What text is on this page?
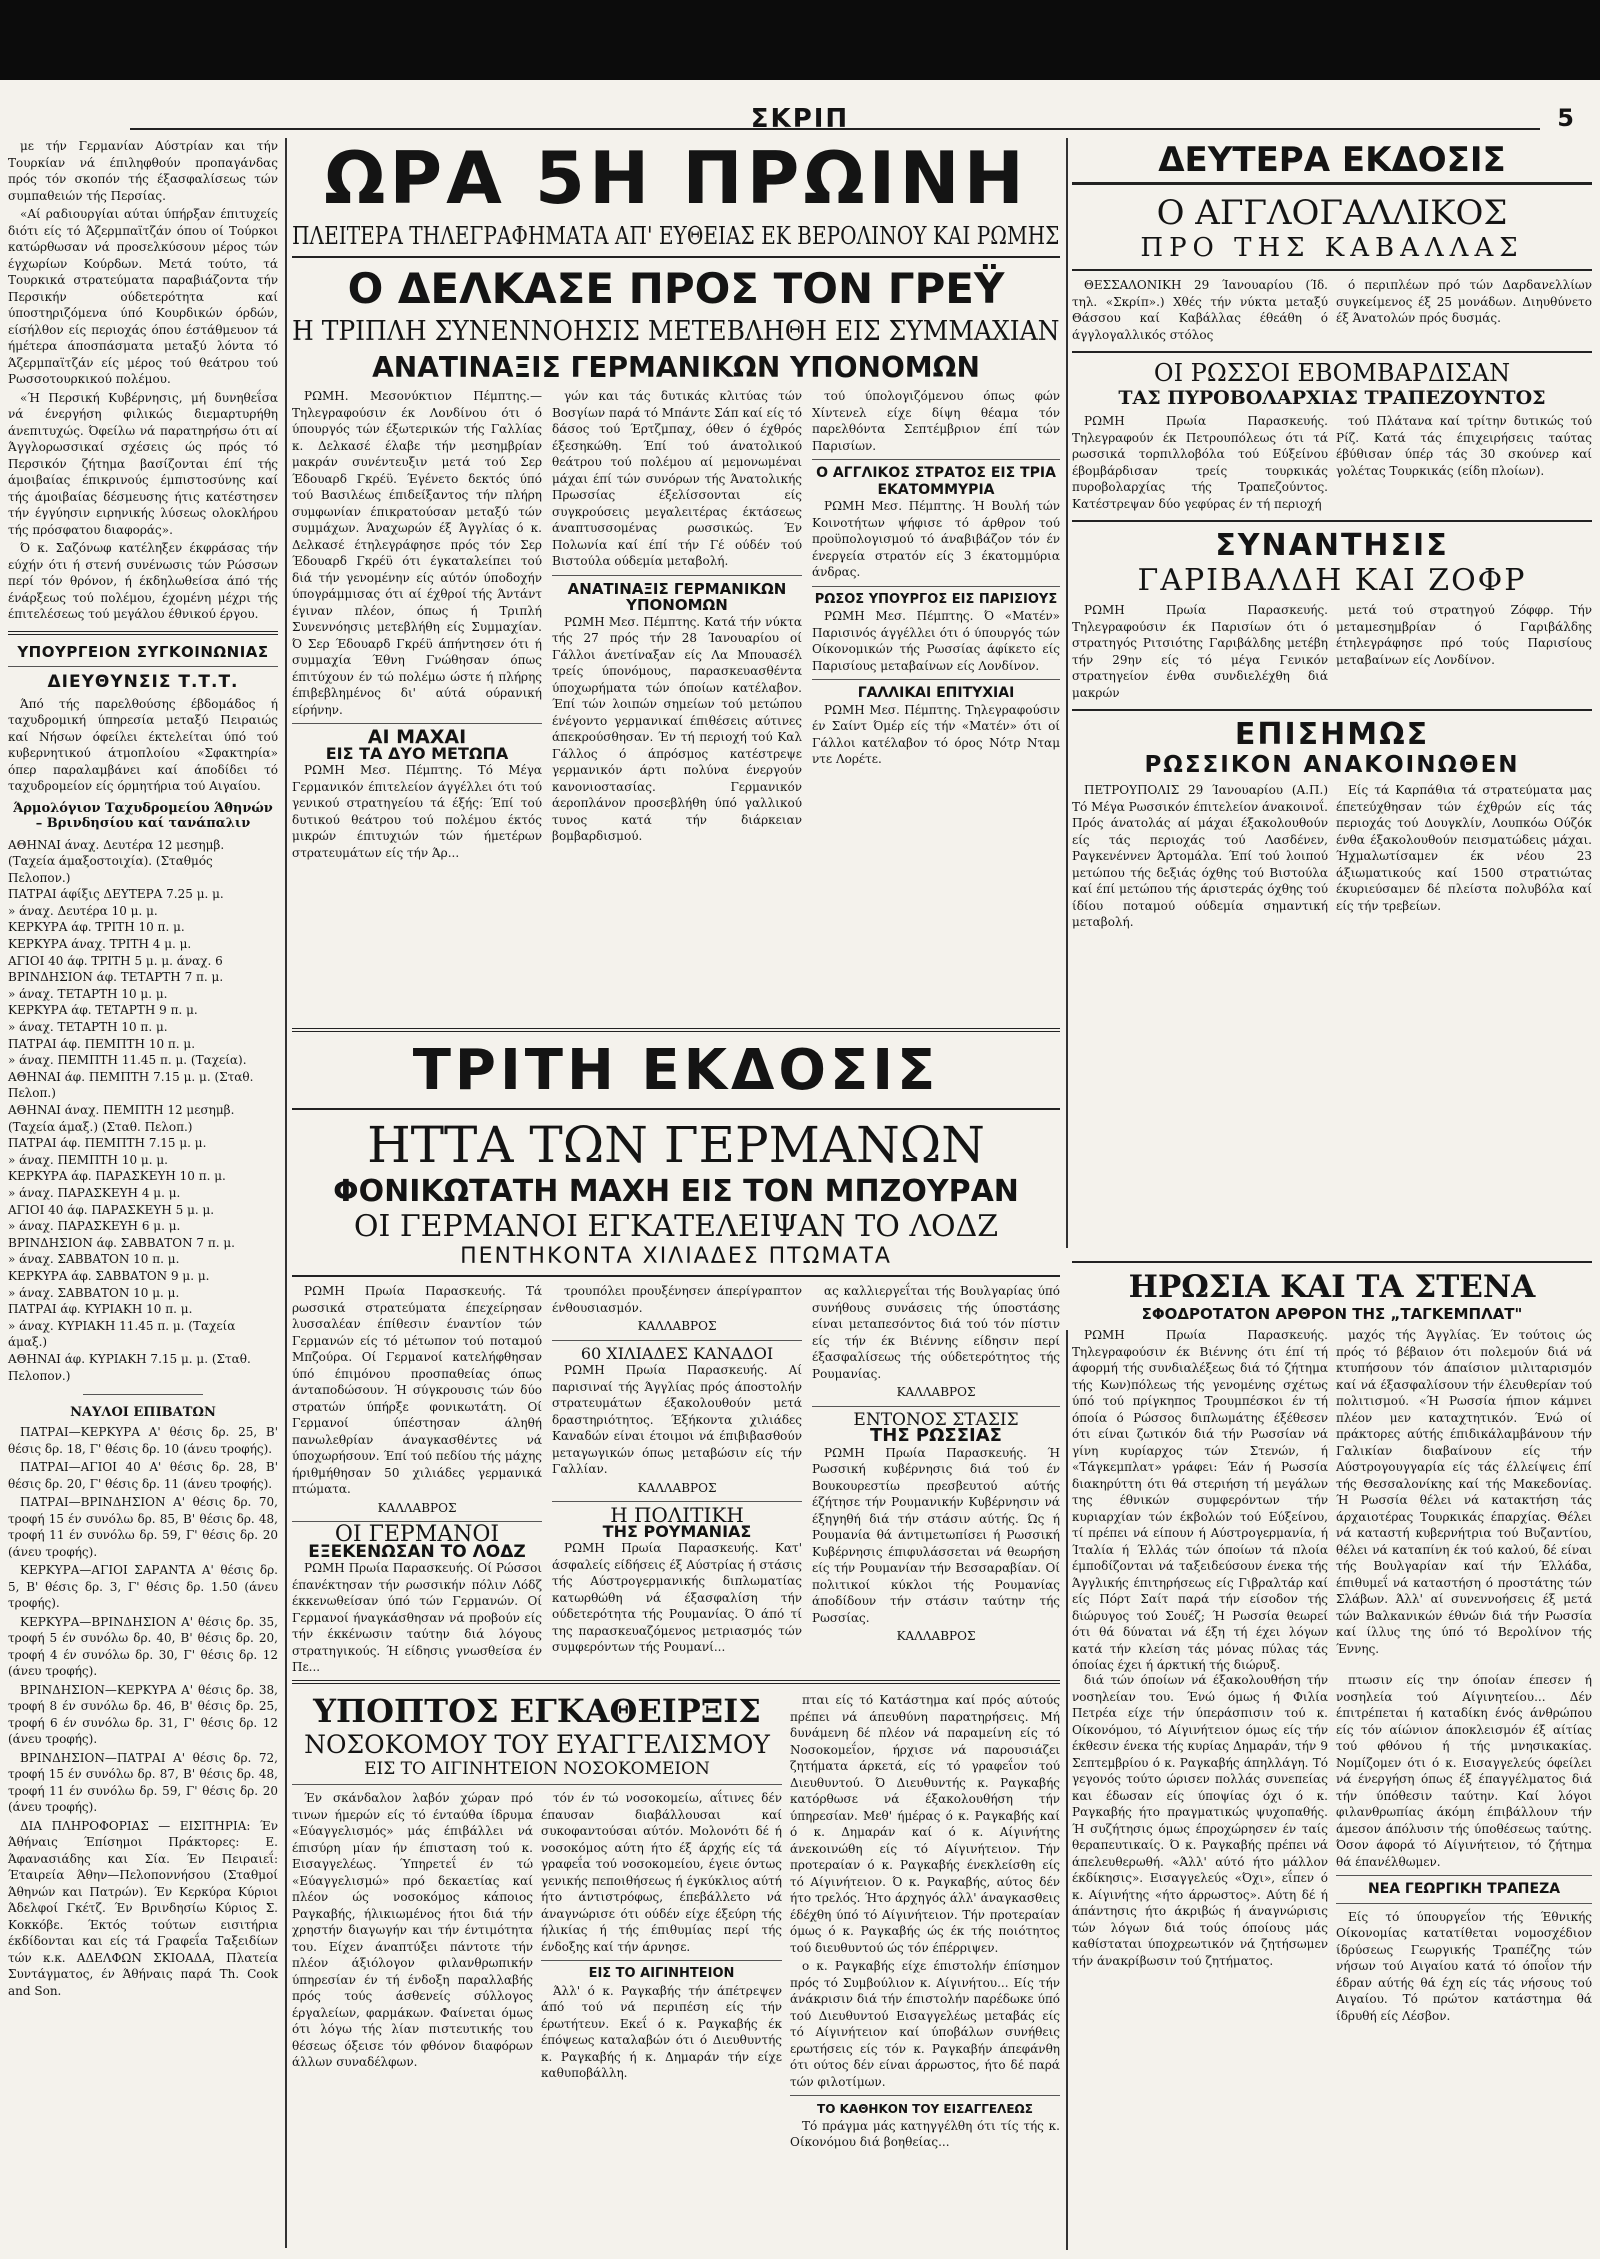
ΣΚΡΙΠ	5

με τήν Γερμανίαν Αύστρίαν και τήν Τουρκίαν νά έπιληφθούν προπαγάνδας πρός τόν σκοπόν τής έξασφαλίσεως τών συμπαθειών τής Περσίας.

«Αί ραδιουργίαι αύται ύπήρξαν έπιτυχείς διότι είς τό Άζερμπαϊτζάν όπου οί Τούρκοι κατώρθωσαν νά προσελκύσουν μέρος τών έγχωρίων Κούρδων. Μετά τούτο, τά Τουρκικά στρατεύματα παραβιάζοντα τήν Περσικήν ούδετερότητα καί ύποστηριζόμενα ύπό Κουρδικών όρδών, είσήλθον είς περιοχάς όπου έστάθμευον τά ήμέτερα άποσπάσματα μεταξύ λόντα τό Άζερμπαϊτζάν είς μέρος τού θεάτρου τού Ρωσσοτουρκικού πολέμου.

«Ή Περσική Κυβέρνησις, μή δυνηθεΐσα νά ένεργήση φιλικώς διεμαρτυρήθη άνεπιτυχώς. Όφείλω νά παρατηρήσω ότι αί Άγγλορωσσικαί σχέσεις ώς πρός τό Περσικόν ζήτημα βασίζονται έπί τής άμοιβαίας έπικρινούς έμπιστοσύνης καί τής άμοιβαίας δέσμευσης ήτις κατέστησεν τήν έγγύησιν ειρηνικής λύσεως ολοκλήρου τής πρόσφατου διαφοράς».

Ό κ. Σαζόνωφ κατέληξεν έκφράσας τήν εύχήν ότι ή στενή συνένωσις τών Ρώσσων περί τόν θρόνον, ή έκδηλωθείσα άπό τής ένάρξεως τού πολέμου, έχομένη μέχρι τής έπιτελέσεως τού μεγάλου έθνικού έργου.

ΥΠΟΥΡΓΕΙΟΝ ΣΥΓΚΟΙΝΩΝΙΑΣ
ΔΙΕΥΘΥΝΣΙΣ Τ.Τ.Τ.

Άπό τής παρελθούσης έβδομάδος ή ταχυδρομική ύπηρεσία μεταξύ Πειραιώς καί Νήσων όφείλει έκτελείται ύπό τού κυβερνητικού άτμοπλοίου «Σφακτηρία» όπερ παραλαμβάνει καί άποδίδει τό ταχυδρομείον είς όρμητήρια τού Αιγαίου.

Άρμολόγιον Ταχυδρομείου Άθηνών – Βρινδησίου καί τανάπαλιν

ΑΘΗΝΑΙ άναχ. Δευτέρα 12 μεσημβ.

(Ταχεία άμαξοστοιχία). (Σταθμός Πελοπον.)

ΠΑΤΡΑΙ άφίξις ΔΕΥΤΕΡΑ 7.25 μ. μ.

» άναχ. Δευτέρα 10 μ. μ.

ΚΕΡΚΥΡΑ άφ. ΤΡΙΤΗ 10 π. μ.

ΚΕΡΚΥΡΑ άναχ. ΤΡΙΤΗ 4 μ. μ.

ΑΓΙΟΙ 40 άφ. ΤΡΙΤΗ 5 μ. μ. άναχ. 6

ΒΡΙΝΔΗΣΙΟΝ άφ. ΤΕΤΑΡΤΗ 7 π. μ.

» άναχ. ΤΕΤΑΡΤΗ 10 μ. μ.

ΚΕΡΚΥΡΑ άφ. ΤΕΤΑΡΤΗ 9 π. μ.

» άναχ. ΤΕΤΑΡΤΗ 10 π. μ.

ΠΑΤΡΑΙ άφ. ΠΕΜΠΤΗ 10 π. μ.

» άναχ. ΠΕΜΠΤΗ 11.45 π. μ. (Ταχεία).

ΑΘΗΝΑΙ άφ. ΠΕΜΠΤΗ 7.15 μ. μ. (Σταθ. Πελοπ.)

ΑΘΗΝΑΙ άναχ. ΠΕΜΠΤΗ 12 μεσημβ. (Ταχεία άμαξ.) (Σταθ. Πελοπ.)

ΠΑΤΡΑΙ άφ. ΠΕΜΠΤΗ 7.15 μ. μ.

» άναχ. ΠΕΜΠΤΗ 10 μ. μ.

ΚΕΡΚΥΡΑ άφ. ΠΑΡΑΣΚΕΥΗ 10 π. μ.

» άναχ. ΠΑΡΑΣΚΕΥΗ 4 μ. μ.

ΑΓΙΟΙ 40 άφ. ΠΑΡΑΣΚΕΥΗ 5 μ. μ.

» άναχ. ΠΑΡΑΣΚΕΥΗ 6 μ. μ.

ΒΡΙΝΔΗΣΙΟΝ άφ. ΣΑΒΒΑΤΟΝ 7 π. μ.

» άναχ. ΣΑΒΒΑΤΟΝ 10 π. μ.

ΚΕΡΚΥΡΑ άφ. ΣΑΒΒΑΤΟΝ 9 μ. μ.

» άναχ. ΣΑΒΒΑΤΟΝ 10 μ. μ.

ΠΑΤΡΑΙ άφ. ΚΥΡΙΑΚΗ 10 π. μ.

» άναχ. ΚΥΡΙΑΚΗ 11.45 π. μ. (Ταχεία άμαξ.)

ΑΘΗΝΑΙ άφ. ΚΥΡΙΑΚΗ 7.15 μ. μ. (Σταθ. Πελοπον.)

ΝΑΥΛΟΙ ΕΠΙΒΑΤΩΝ

ΠΑΤΡΑΙ—ΚΕΡΚΥΡΑ Α' θέσις δρ. 25, Β' θέσις δρ. 18, Γ' θέσις δρ. 10 (άνευ τροφής).

ΠΑΤΡΑΙ—ΑΓΙΟΙ 40 Α' θέσις δρ. 28, Β' θέσις δρ. 20, Γ' θέσις δρ. 11 (άνευ τροφής).

ΠΑΤΡΑΙ—ΒΡΙΝΔΗΣΙΟΝ Α' θέσις δρ. 70, τροφή 15 έν συνόλω δρ. 85, Β' θέσις δρ. 48, τροφή 11 έν συνόλω δρ. 59, Γ' θέσις δρ. 20 (άνευ τροφής).

ΚΕΡΚΥΡΑ—ΑΓΙΟΙ ΣΑΡΑΝΤΑ Α' θέσις δρ. 5, Β' θέσις δρ. 3, Γ' θέσις δρ. 1.50 (άνευ τροφής).

ΚΕΡΚΥΡΑ—ΒΡΙΝΔΗΣΙΟΝ Α' θέσις δρ. 35, τροφή 5 έν συνόλω δρ. 40, Β' θέσις δρ. 20, τροφή 4 έν συνόλω δρ. 30, Γ' θέσις δρ. 12 (άνευ τροφής).

ΒΡΙΝΔΗΣΙΟΝ—ΚΕΡΚΥΡΑ Α' θέσις δρ. 38, τροφή 8 έν συνόλω δρ. 46, Β' θέσις δρ. 25, τροφή 6 έν συνόλω δρ. 31, Γ' θέσις δρ. 12 (άνευ τροφής).

ΒΡΙΝΔΗΣΙΟΝ—ΠΑΤΡΑΙ Α' θέσις δρ. 72, τροφή 15 έν συνόλω δρ. 87, Β' θέσις δρ. 48, τροφή 11 έν συνόλω δρ. 59, Γ' θέσις δρ. 20 (άνευ τροφής).

ΔΙΑ ΠΛΗΡΟΦΟΡΙΑΣ — ΕΙΣΙΤΗΡΙΑ: Έν Άθήναις Έπίσημοι Πράκτορες: Ε. Άφανασιάδης και Σία. Έν Πειραιεΐ: Έταιρεία Άθην—Πελοποννήσου (Σταθμοί Άθηνών και Πατρών). Έν Κερκύρα Κύριοι Άδελφοί Γκέτζ. Έν Βρινδησίω Κύριος Σ. Κοκκόβε. Έκτός τούτων εισιτήρια έκδίδονται και είς τά Γραφεΐα Ταξειδίων τών κ.κ. ΑΔΕΛΦΩΝ ΣΚΙΟΑΔΑ, Πλατεία Συντάγματος, έν Άθήναις παρά Th. Cook and Son.

ΩΡΑ 5Η ΠΡΩΙΝΗ
ΠΛΕΙΤΕΡΑ ΤΗΛΕΓΡΑΦΗΜΑΤΑ ΑΠ' ΕΥΘΕΙΑΣ ΕΚ ΒΕΡΟΛΙΝΟΥ ΚΑΙ ΡΩΜΗΣ
Ο ΔΕΛΚΑΣΕ ΠΡΟΣ ΤΟΝ ΓΡΕΫ
Η ΤΡΙΠΛΗ ΣΥΝΕΝΝΟΗΣΙΣ ΜΕΤΕΒΛΗΘΗ ΕΙΣ ΣΥΜΜΑΧΙΑΝ
ΑΝΑΤΙΝΑΞΙΣ ΓΕΡΜΑΝΙΚΩΝ ΥΠΟΝΟΜΩΝ

ΡΩΜΗ. Μεσονύκτιον Πέμπτης.—Τηλεγραφούσιν έκ Λονδίνου ότι ό ύπουργός τών έξωτερικών τής Γαλλίας κ. Δελκασέ έλαβε τήν μεσημβρίαν μακράν συνέντευξιν μετά τού Σερ Έδουαρδ Γκρέϋ. Έγένετο δεκτός ύπό τού Βασιλέως έπιδείξαντος τήν πλήρη συμφωνίαν έπικρατούσαν μεταξύ τών συμμάχων. Άναχωρών έξ Άγγλίας ό κ. Δελκασέ έτηλεγράφησε πρός τόν Σερ Έδουαρδ Γκρέϋ ότι έγκαταλείπει τού διά τήν γενομένην είς αύτόν ύποδοχήν ύπογράμμισας ότι αί έχθροί τής Άντάντ έγιναν πλέον, όπως ή Τριπλή Συνεννόησις μετεβλήθη είς Συμμαχίαν. Ό Σερ Έδουαρδ Γκρέϋ άπήντησεν ότι ή συμμαχία Έθνη Γνώθησαν όπως έπιτύχουν έν τώ πολέμω ώστε ή πλήρης έπιβεβλημένος δι' αύτά ούρανική είρήνην.

ΑΙ ΜΑΧΑΙ
ΕΙΣ ΤΑ ΔΥΟ ΜΕΤΩΠΑ

ΡΩΜΗ Μεσ. Πέμπτης. Τό Μέγα Γερμανικόν έπιτελείον άγγέλλει ότι τού γενικού στρατηγείου τά έξής: Έπί τού δυτικού θεάτρου τού πολέμου έκτός μικρών έπιτυχιών τών ήμετέρων στρατευμάτων είς τήν Άρ...

γών και τάς δυτικάς κλιτύας τών Βοσγίων παρά τό Μπάντε Σάπ καί είς τό δάσος τού Έρτζμπαχ, όθεν ό έχθρός έξεσηκώθη. Έπί τού άνατολικού θεάτρου τού πολέμου αί μεμονωμέναι μάχαι έπί τών συνόρων τής Άνατολικής Πρωσσίας έξελίσσονται είς συγκρούσεις μεγαλειτέρας έκτάσεως άναπτυσσομένας ρωσσικώς. Έν Πολωνία καί έπί τήν Γέ ούδέν τού Βιστούλα ούδεμία μεταβολή.

ΑΝΑΤΙΝΑΞΙΣ ΓΕΡΜΑΝΙΚΩΝ ΥΠΟΝΟΜΩΝ

ΡΩΜΗ Μεσ. Πέμπτης. Κατά τήν νύκτα τής 27 πρός τήν 28 Ίανουαρίου οί Γάλλοι άνετίναξαν είς Λα Μπουασέλ τρείς ύπονόμους, παρασκευασθέντα ύποχωρήματα τών όποίων κατέλαβον. Έπί τών λοιπών σημείων τού μετώπου ένέγοντο γερμανικαί έπιθέσεις αύτινες άπεκρούσθησαν. Έν τή περιοχή τού Καλ Γάλλος ό άπρόσμος κατέστρεψε γερμανικόν άρτι πολύνα ένεργούν κανονιοστασίας. Γερμανικόν άεροπλάνον προσεβλήθη ύπό γαλλικού τυνος κατά τήν διάρκειαν βομβαρδισμού.

τού ύπολογιζόμενου όπως φών Χίντενελ είχε δίψη θέαμα τόν παρελθόντα Σεπτέμβριον έπί τών Παρισίων.

Ο ΑΓΓΛΙΚΟΣ ΣΤΡΑΤΟΣ ΕΙΣ ΤΡΙΑ ΕΚΑΤΟΜΜΥΡΙΑ

ΡΩΜΗ Μεσ. Πέμπτης. Ή Βουλή τών Κοινοτήτων ψήφισε τό άρθρον τού προϋπολογισμού τό άναβιβάζον τόν έν ένεργεία στρατόν είς 3 έκατομμύρια άνδρας.

ΡΩΣΟΣ ΥΠΟΥΡΓΟΣ ΕΙΣ ΠΑΡΙΣΙΟΥΣ

ΡΩΜΗ Μεσ. Πέμπτης. Ό «Ματέν» Παρισινός άγγέλλει ότι ό ύπουργός τών Οίκονομικών τής Ρωσσίας άφίκετο είς Παρισίους μεταβαίνων είς Λονδίνον.

ΓΑΛΛΙΚΑΙ ΕΠΙΤΥΧΙΑΙ

ΡΩΜΗ Μεσ. Πέμπτης. Τηλεγραφούσιν έν Σαίντ Όμέρ είς τήν «Ματέν» ότι οί Γάλλοι κατέλαβον τό όρος Νότρ Νταμ ντε Λορέτε.

ΔΕΥΤΕΡΑ ΕΚΔΟΣΙΣ
Ο ΑΓΓΛΟΓΑΛΛΙΚΟΣ
ΠΡΟ ΤΗΣ ΚΑΒΑΛΛΑΣ

ΘΕΣΣΑΛΟΝΙΚΗ 29 Ίανουαρίου (Ίδ. τηλ. «Σκρίπ».) Χθές τήν νύκτα μεταξύ Θάσσου καί Καβάλλας έθεάθη ό άγγλογαλλικός στόλος

ό περιπλέων πρό τών Δαρδανελλίων συγκείμενος έξ 25 μονάδων. Διηυθύνετο έξ Άνατολών πρός δυσμάς.

ΟΙ ΡΩΣΣΟΙ ΕΒΟΜΒΑΡΔΙΣΑΝ
ΤΑΣ ΠΥΡΟΒΟΛΑΡΧΙΑΣ ΤΡΑΠΕΖΟΥΝΤΟΣ

ΡΩΜΗ Πρωία Παρασκευής. Τηλεγραφούν έκ Πετρουπόλεως ότι τά ρωσσικά τορπιλλοβόλα τού Εύξείνου έβομβάρδισαν τρείς τουρκικάς πυροβολαρχίας τής Τραπεζούντος. Κατέστρεψαν δύο γεφύρας έν τή περιοχή

τού Πλάτανα καί τρίτην δυτικώς τού Ρίζ. Κατά τάς έπιχειρήσεις ταύτας έβύθισαν ύπέρ τάς 30 σκούνερ καί γολέτας Τουρκικάς (είδη πλοίων).

ΣΥΝΑΝΤΗΣΙΣ
ΓΑΡΙΒΑΛΔΗ ΚΑΙ ΖΟΦΡ

ΡΩΜΗ Πρωία Παρασκευής. Τηλεγραφούσιν έκ Παρισίων ότι ό στρατηγός Ριτσιότης Γαριβάλδης μετέβη τήν 29ην είς τό μέγα Γενικόν στρατηγείον ένθα συνδιελέχθη διά μακρών

μετά τού στρατηγού Ζόφφρ. Τήν μεταμεσημβρίαν ό Γαριβάλδης έτηλεγράφησε πρό τούς Παρισίους μεταβαίνων είς Λονδίνον.

ΕΠΙΣΗΜΩΣ
ΡΩΣΣΙΚΟΝ ΑΝΑΚΟΙΝΩΘΕΝ

ΠΕΤΡΟΥΠΟΛΙΣ 29 Ίανουαρίου (Α.Π.) Τό Μέγα Ρωσσικόν έπιτελείον άνακοινοΐ. Πρός άνατολάς αί μάχαι έξακολουθούν είς τάς περιοχάς τού Λασδένεν, Ραγκενέννεν Άρτομάλα. Έπί τού λοιπού μετώπου τής δεξιάς όχθης τού Βιστούλα καί έπί μετώπου τής άριστεράς όχθης τού ίδίου ποταμού ούδεμία σημαντική μεταβολή.

Είς τά Καρπάθια τά στρατεύματα μας έπετεύχθησαν τών έχθρών είς τάς περιοχάς τού Δουγκλίν, Λουπκόω Ούζόκ ένθα έξακολουθούν πεισματώδεις μάχαι. Ήχμαλωτίσαμεν έκ νέου 23 άξιωματικούς καί 1500 στρατιώτας έκυριεύσαμεν δέ πλείστα πολυβόλα καί είς τήν τρεβείων.

ΤΡΙΤΗ ΕΚΔΟΣΙΣ
ΗΤΤΑ ΤΩΝ ΓΕΡΜΑΝΩΝ
ΦΟΝΙΚΩΤΑΤΗ ΜΑΧΗ ΕΙΣ ΤΟΝ ΜΠΖΟΥΡΑΝ
ΟΙ ΓΕΡΜΑΝΟΙ ΕΓΚΑΤΕΛΕΙΨΑΝ ΤΟ ΛΟΔΖ
ΠΕΝΤΗΚΟΝΤΑ ΧΙΛΙΑΔΕΣ ΠΤΩΜΑΤΑ

ΡΩΜΗ Πρωία Παρασκευής. Τά ρωσσικά στρατεύματα έπεχείρησαν λυσσαλέαν έπίθεσιν έναντίον τών Γερμανών είς τό μέτωπον τού ποταμού Μπζούρα. Οί Γερμανοί κατελήφθησαν ύπό έπιμόνου προσπαθείας όπως άνταποδώσουν. Ή σύγκρουσις τών δύο στρατών ύπήρξε φονικωτάτη. Οί Γερμανοί ύπέστησαν άληθή πανωλεθρίαν άναγκασθέντες νά ύποχωρήσουν. Έπί τού πεδίου τής μάχης ήριθμήθησαν 50 χιλιάδες γερμανικά πτώματα.

ΚΑΛΛΑΒΡΟΣ
ΟΙ ΓΕΡΜΑΝΟΙ
ΕΞΕΚΕΝΩΣΑΝ ΤΟ ΛΟΔΖ

ΡΩΜΗ Πρωία Παρασκευής. Οί Ρώσσοι έπανέκτησαν τήν ρωσσικήν πόλιν Λόδζ έκκενωθείσαν ύπό τών Γερμανών. Οί Γερμανοί ήναγκάσθησαν νά προβούν είς τήν έκκένωσιν ταύτην διά λόγους στρατηγικούς. Ή είδησις γνωσθείσα έν Πε...

τρουπόλει προυξένησεν άπερίγραπτον ένθουσιασμόν.

ΚΑΛΛΑΒΡΟΣ
60 ΧΙΛΙΑΔΕΣ ΚΑΝΑΔΟΙ

ΡΩΜΗ Πρωία Παρασκευής. Αί παρισιναί τής Άγγλίας πρός άποστολήν στρατευμάτων έξακολουθούν μετά δραστηριότητος. Έξήκοντα χιλιάδες Καναδών είναι έτοιμοι νά έπιβιβασθούν μεταγωγικών όπως μεταβώσιν είς τήν Γαλλίαν.

ΚΑΛΛΑΒΡΟΣ
Η ΠΟΛΙΤΙΚΗ
ΤΗΣ ΡΟΥΜΑΝΙΑΣ

ΡΩΜΗ Πρωία Παρασκευής. Κατ' άσφαλείς είδήσεις έξ Αύστρίας ή στάσις τής Αύστρογερμανικής διπλωματίας κατωρθώθη νά έξασφαλίση τήν ούδετερότητα τής Ρουμανίας. Ό άπό τί της παρασκευαζόμενος μετριασμός τών συμφερόντων τής Ρουμανί...

ας καλλιεργεΐται τής Βουλγαρίας ύπό συνήθους συνάσεις τής ύποστάσης είναι μεταπεσόντος διά τού τόν πίστιν είς τήν έκ Βιέννης είδησιν περί έξασφαλίσεως τής ούδετερότητος τής Ρουμανίας.

ΚΑΛΛΑΒΡΟΣ
ΕΝΤΟΝΟΣ ΣΤΑΣΙΣ
ΤΗΣ ΡΩΣΣΙΑΣ

ΡΩΜΗ Πρωία Παρασκευής. Ή Ρωσσική κυβέρνησις διά τού έν Βουκουρεστίω πρεσβευτού αύτής έζήτησε τήν Ρουμανικήν Κυβέρνησιν νά έξηγηθή διά τήν στάσιν αύτής. Ώς ή Ρουμανία θά άντιμετωπίσει ή Ρωσσική Κυβέρνησις έπιφυλάσσεται νά θεωρήση είς τήν Ρουμανίαν τήν Βεσσαραβίαν. Οί πολιτικοί κύκλοι τής Ρουμανίας άποδίδουν τήν στάσιν ταύτην τής Ρωσσίας.

ΚΑΛΛΑΒΡΟΣ
ΗΡΩΣΙΑ ΚΑΙ ΤΑ ΣΤΕΝΑ
ΣΦΟΔΡΟΤΑΤΟΝ ΑΡΘΡΟΝ ΤΗΣ „ΤΑΓΚΕΜΠΛΑΤ"

ΡΩΜΗ Πρωία Παρασκευής. Τηλεγραφούσιν έκ Βιέννης ότι έπί τή άφορμή τής συνδιαλέξεως διά τό ζήτημα τής Κων)πόλεως τής γενομένης σχέτως ύπό τού πρίγκηπος Τρουμπέσκοι έν τή όποία ό Ρώσσος διπλωμάτης έξέθεσεν ότι είναι ζωτικόν διά τήν Ρωσσίαν νά γίνη κυρίαρχος τών Στενών, ή «Τάγκεμπλατ» γράφει: Έάν ή Ρωσσία διακηρύττη ότι θά στεριήση τή μεγάλων της έθνικών συμφερόντων τήν κυριαρχίαν τών έκβολών τού Εύξείνου, τί πρέπει νά είπουν ή Αύστρογερμανία, ή Ίταλία ή Έλλάς τών όποίων τά πλοία έμποδίζονται νά ταξειδεύσουν ένεκα τής Άγγλικής έπιτηρήσεως είς Γιβραλτάρ καί είς Πόρτ Σαίτ παρά τήν είσοδον τής διώρυγος τού Σουέζ; Ή Ρωσσία θεωρεί ότι θά δύναται νά έξη τή έχει λόγων κατά τήν κλείση τάς μόνας πύλας τάς όποίας έχει ή άρκτική τής διώρυξ.

μαχός τής Άγγλίας. Έν τούτοις ώς πρός τό βέβαιον ότι πολεμούν διά νά κτυπήσουν τόν άπαίσιον μιλιταρισμόν καί νά έξασφαλίσουν τήν έλευθερίαν τού πολιτισμού. «Ή Ρωσσία ήπιον κάμνει πλέον μεν καταχτητικόν. Ένώ οί πράκτορες αύτής έπιδικάλαμβάνουν τήν Γαλικίαν διαβαίνουν είς τήν Αύστρογουγγαρία είς τάς έλλείψεις έπί τής Θεσσαλονίκης καί τής Μακεδονίας. Ή Ρωσσία θέλει νά κατακτήση τάς άρχαιοτέρας Τουρκικάς έπαρχίας. Θέλει νά καταστή κυβερνήτρια τού Βυζαντίου, θέλει νά καταπίνη έκ τού καλού, δέ είναι τής Βουλγαρίαν καί τήν Έλλάδα, έπιθυμεΐ νά καταστήση ό προστάτης τών Σλάβων. Άλλ' αί συνεννοήσεις έξ μετά τών Βαλκανικών έθνών διά τήν Ρωσσία καί ίλλυς της ύπό τό Βερολίνον τής Έννης.

ΥΠΟΠΤΟΣ ΕΓΚΑΘΕΙΡΞΙΣ
ΝΟΣΟΚΟΜΟΥ ΤΟΥ ΕΥΑΓΓΕΛΙΣΜΟΥ
ΕΙΣ ΤΟ ΑΙΓΙΝΗΤΕΙΟΝ ΝΟΣΟΚΟΜΕΙΟΝ

Έν σκάνδαλον λαβόν χώραν πρό τινων ήμερών είς τό ένταύθα ίδρυμα «Εύαγγελισμός» μάς έπιβάλλει νά έπισύρη μίαν ήν έπισταση τού κ. Εισαγγελέως. Ύπηρετεΐ έν τώ «Εύαγγελισμώ» πρό δεκαετίας καί πλέον ώς νοσοκόμος κάποιος Ραγκαβής, ήλικιωμένος ήτοι διά τήν χρηστήν διαγωγήν και τήν έντιμότητα του. Είχεν άναπτύξει πάντοτε τήν πλέον άξιόλογον φιλανθρωπικήν ύπηρεσίαν έν τή ένδοξη παραλλαβής πρός τούς άσθενείς σύλλογος έργαλείων, φαρμάκων. Φαίνεται όμως ότι λόγω τής λίαν πιστευτικής του θέσεως όξεισε τόν φθόνον διαφόρων άλλων συναδέλφων.

τόν έν τώ νοσοκομείω, αΐτινες δέν έπαυσαν διαβάλλουσαι καί συκοφαντούσαι αύτόν. Μολονότι δέ ή νοσοκόμος αύτη ήτο έξ άρχής είς τά γραφεΐα τού νοσοκομείου, έγειε όντως γενικής πεποιθήσεως ή έγκύκλιος αύτή ήτο άντιστρόφως, έπεβάλλετο νά άναγνώρισε ότι ούδέν είχε έξεύρη τής ήλικίας ή τής έπιθυμίας περί τής ένδοξης καί τήν άρνησε.

ΕΙΣ ΤΟ ΑΙΓΙΝΗΤΕΙΟΝ

Άλλ' ό κ. Ραγκαβής τήν άπέτρεψεν άπό τού νά περιπέση είς τήν έρωτήτευν. Εκεΐ ό κ. Ραγκαβής έκ έπόψεως καταλαβών ότι ό Διευθυντής κ. Ραγκαβής ή κ. Δημαράν τήν είχε καθυποβάλλη.

πται είς τό Κατάστημα καί πρός αύτούς πρέπει νά άπευθύνη παρατηρήσεις. Μή δυνάμενη δέ πλέον νά παραμείνη είς τό Νοσοκομεΐον, ήρχισε νά παρουσιάζει ζητήματα άρκετά, είς τό γραφεΐον τού Διευθυντού. Ό Διευθυντής κ. Ραγκαβής κατόρθωσε νά έξακολουθήση τήν ύπηρεσίαν. Μεθ' ήμέρας ό κ. Ραγκαβής καί ό κ. Δημαράν καί ό κ. Αίγινήτης άνεκοινώθη είς τό Αίγινήτειον. Τήν προτεραίαν ό κ. Ραγκαβής ένεκλείσθη είς τό Αίγινήτειον. Ό κ. Ραγκαβής, αύτος δέν ήτο τρελός. Ήτο άρχηγός άλλ' άναγκασθεις έδέχθη ύπό τό Αίγινήτειον. Τήν προτεραίαν όμως ό κ. Ραγκαβής ώς έκ τής ποιότητος τού διευθυντού ώς τόν έπέρριψεν.

ο κ. Ραγκαβής είχε έπιστολήν έπίσημον πρός τό Συμβούλιον κ. Αίγινήτου... Είς τήν άνάκρισιν διά τήν έπιστολήν παρέδωκε ύπό τού Διευθυντού Εισαγγελέως μεταβάς είς τό Αίγινήτειον καί ύποβάλων συνήθεις ερωτήσεις είς τόν κ. Ραγκαβήν άπεφάνθη ότι ούτος δέν είναι άρρωστος, ήτο δέ παρά τών φιλοτίμων.

ΤΟ ΚΑΘΗΚΟΝ ΤΟΥ ΕΙΣΑΓΓΕΛΕΩΣ

Τό πράγμα μάς κατηγγέλθη ότι τίς τής κ. Οίκονόμου διά βοηθείας...

διά τών όποίων νά έξακολουθήση τήν νοσηλείαν του. Ένώ όμως ή Φιλία Πετρέα είχε τήν ύπεράσπισιν τού κ. Οίκονόμου, τό Αίγινήτειον όμως είς τήν έκθεσιν ένεκα τής κυρίας Δημαράν, τήν 9 Σεπτεμβρίου ό κ. Ραγκαβής άπηλλάγη. Τό γεγονός τούτο ώρισεν πολλάς συνεπείας και έδωσαν είς ύποψίας όχι ό κ. Ραγκαβής ήτο πραγματικώς ψυχοπαθής. Ή συζήτησις όμως έπροχώρησεν έν ταίς θεραπευτικαίς. Ό κ. Ραγκαβής πρέπει νά άπελευθερωθή. «Άλλ' αύτό ήτο μάλλον έκδίκησις». Εισαγγελεύς «Όχι», εΐπεν ό κ. Αίγινήτης «ήτο άρρωστος». Αύτη δέ ή άπάντησις ήτο άκριβώς ή άναγνώρισις τών λόγων διά τούς όποίους μάς καθίσταται ύποχρεωτικόν νά ζητήσωμεν τήν άνακρίβωσιν τού ζητήματος.

πτωσιν είς την όποίαν έπεσεν ή νοσηλεία τού Αίγινητείου... Δέν έπιτρέπεται ή καταδίκη ένός άνθρώπου είς τόν αίώνιον άποκλεισμόν έξ αίτίας τού φθόνου ή τής μνησικακίας. Νομίζομεν ότι ό κ. Εισαγγελεύς όφείλει νά ένεργήση όπως έξ έπαγγέλματος διά τήν ύπόθεσιν ταύτην. Καί λόγοι φιλανθρωπίας άκόμη έπιβάλλουν τήν άμεσον άπόλυσιν τής ύποθέσεως ταύτης. Όσον άφορά τό Αίγινήτειον, τό ζήτημα θά έπανέλθωμεν.

ΝΕΑ ΓΕΩΡΓΙΚΗ ΤΡΑΠΕΖΑ

Είς τό ύπουργεΐον τής Έθνικής Οίκονομίας κατατίθεται νομοσχέδιον ίδρύσεως Γεωργικής Τραπέζης τών νήσων τού Αιγαίου κατά τό όποΐον τήν έδραν αύτής θά έχη είς τάς νήσους τού Αιγαίου. Τό πρώτον κατάστημα θά ίδρυθή είς Λέσβον.
